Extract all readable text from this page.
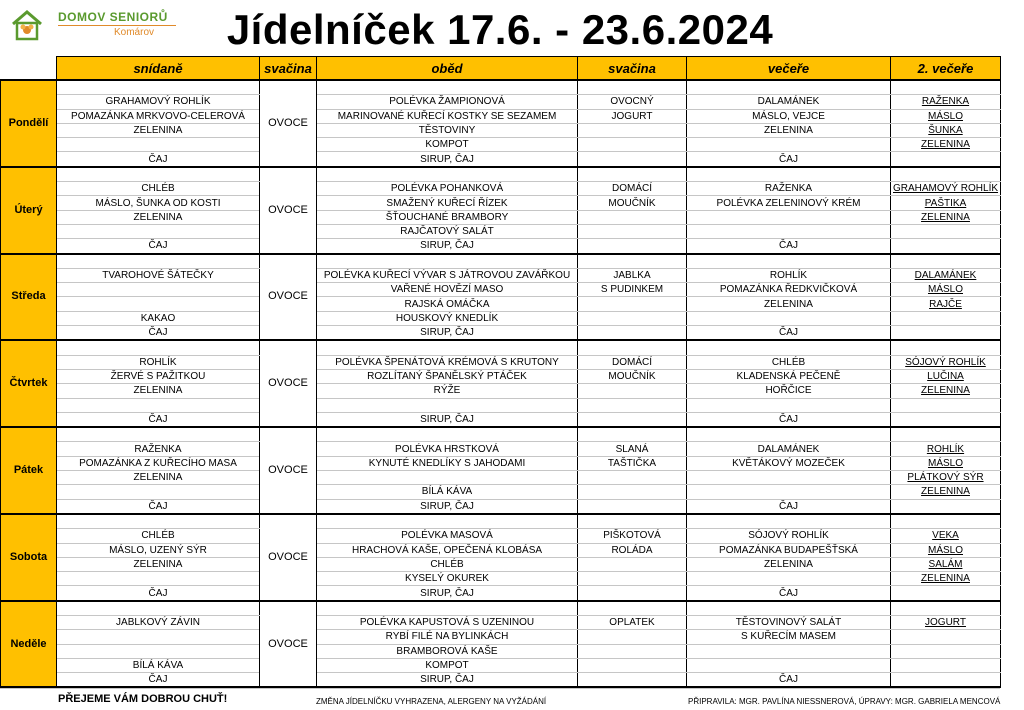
DOMOV SENIORŮ
Komárov	Jídelníček 17.6. - 23.6.2024
	snídaně	svačina	oběd	svačina	večeře	2. večeře
Pondělí		OVOCE				
	GRAHAMOVÝ ROHLÍK		POLÉVKA ŽAMPIONOVÁ	OVOCNÝ	DALAMÁNEK	RAŽENKA
	POMAZÁNKA MRKVOVO-CELEROVÁ		MARINOVANÉ KUŘECÍ KOSTKY SE SEZAMEM	JOGURT	MÁSLO, VEJCE	MÁSLO
	ZELENINA		TĚSTOVINY		ZELENINA	ŠUNKA
			KOMPOT			ZELENINA
	ČAJ		SIRUP, ČAJ		ČAJ	
Úterý		OVOCE				
	CHLÉB		POLÉVKA POHANKOVÁ	DOMÁCÍ	RAŽENKA	GRAHAMOVÝ ROHLÍK
	MÁSLO, ŠUNKA OD KOSTI		SMAŽENÝ KUŘECÍ ŘÍZEK	MOUČNÍK	POLÉVKA ZELENINOVÝ KRÉM	PAŠTIKA
	ZELENINA		ŠŤOUCHANÉ BRAMBORY			ZELENINA
			RAJČATOVÝ SALÁT			
	ČAJ		SIRUP, ČAJ		ČAJ	
Středa		OVOCE				
	TVAROHOVÉ ŠÁTEČKY		POLÉVKA KUŘECÍ VÝVAR S JÁTROVOU ZAVÁŘKOU	JABLKA	ROHLÍK	DALAMÁNEK
			VAŘENÉ HOVĚZÍ MASO	S PUDINKEM	POMAZÁNKA ŘEDKVIČKOVÁ	MÁSLO
			RAJSKÁ OMÁČKA		ZELENINA	RAJČE
	KAKAO		HOUSKOVÝ KNEDLÍK			
	ČAJ		SIRUP, ČAJ		ČAJ	
Čtvrtek		OVOCE				
	ROHLÍK		POLÉVKA ŠPENÁTOVÁ KRÉMOVÁ S KRUTONY	DOMÁCÍ	CHLÉB	SÓJOVÝ ROHLÍK
	ŽERVÉ S PAŽITKOU		ROZLÍTANÝ ŠPANĚLSKÝ PTÁČEK	MOUČNÍK	KLADENSKÁ PEČENĚ	LUČINA
	ZELENINA		RÝŽE		HOŘČICE	ZELENINA

	ČAJ		SIRUP, ČAJ		ČAJ	
Pátek		OVOCE				
	RAŽENKA		POLÉVKA HRSTKOVÁ	SLANÁ	DALAMÁNEK	ROHLÍK
	POMAZÁNKA Z KUŘECÍHO MASA		KYNUTÉ KNEDLÍKY S JAHODAMI	TAŠTIČKA	KVĚTÁKOVÝ MOZEČEK	MÁSLO
	ZELENINA					PLÁTKOVÝ SÝR
			BÍLÁ KÁVA			ZELENINA
	ČAJ		SIRUP, ČAJ		ČAJ	
Sobota		OVOCE				
	CHLÉB		POLÉVKA MASOVÁ	PIŠKOTOVÁ	SÓJOVÝ ROHLÍK	VEKA
	MÁSLO, UZENÝ SÝR		HRACHOVÁ KAŠE, OPEČENÁ KLOBÁSA	ROLÁDA	POMAZÁNKA BUDAPEŠŤSKÁ	MÁSLO
	ZELENINA		CHLÉB		ZELENINA	SALÁM
			KYSELÝ OKUREK			ZELENINA
	ČAJ		SIRUP, ČAJ		ČAJ	
Neděle		OVOCE				
	JABLKOVÝ ZÁVIN		POLÉVKA KAPUSTOVÁ S UZENINOU	OPLATEK	TĚSTOVINOVÝ SALÁT	JOGURT
			RYBÍ FILÉ NA BYLINKÁCH		S KUŘECÍM MASEM	
			BRAMBOROVÁ KAŠE			
	BÍLÁ KÁVA		KOMPOT			
	ČAJ		SIRUP, ČAJ		ČAJ	
PŘEJEME VÁM DOBROU CHUŤ!	ZMĚNA JÍDELNÍČKU VYHRAZENA, ALERGENY NA VYŽÁDÁNÍ	PŘIPRAVILA: MGR. PAVLÍNA NIESSNEROVÁ, ÚPRAVY: MGR. GABRIELA MENCOVÁ
